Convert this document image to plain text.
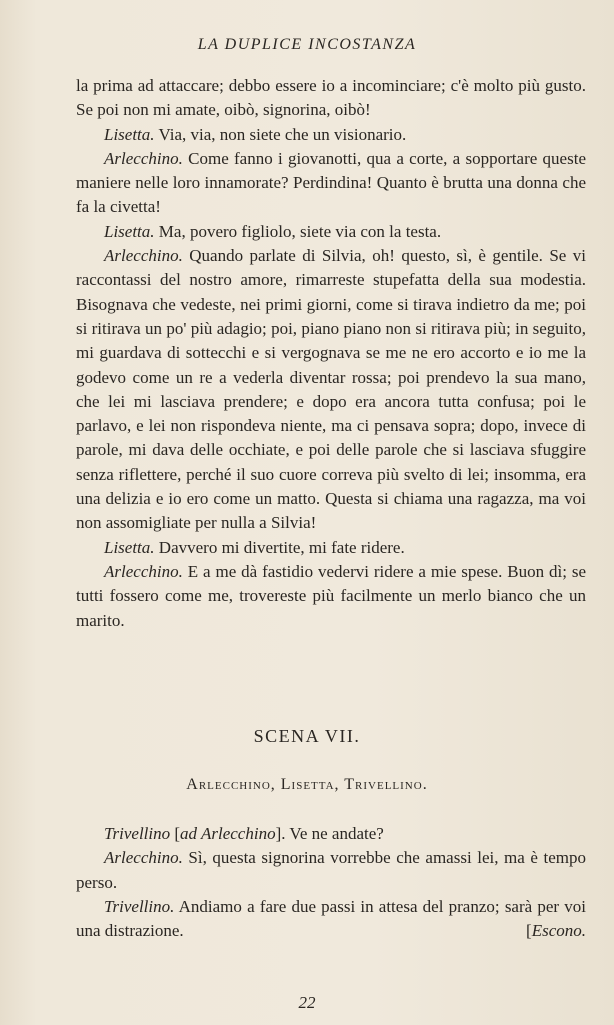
LA DUPLICE INCOSTANZA

la prima ad attaccare; debbo essere io a incominciare; c'è molto più gusto. Se poi non mi amate, oibò, signorina, oibò!

Lisetta. Via, via, non siete che un visionario.

Arlecchino. Come fanno i giovanotti, qua a corte, a sopportare queste maniere nelle loro innamorate? Perdindina! Quanto è brutta una donna che fa la civetta!

Lisetta. Ma, povero figliolo, siete via con la testa.

Arlecchino. Quando parlate di Silvia, oh! questo, sì, è gentile. Se vi raccontassi del nostro amore, rimarreste stupefatta della sua modestia. Bisognava che vedeste, nei primi giorni, come si tirava indietro da me; poi si ritirava un po' più adagio; poi, piano piano non si ritirava più; in seguito, mi guardava di sottecchi e si vergognava se me ne ero accorto e io me la godevo come un re a vederla diventar rossa; poi prendevo la sua mano, che lei mi lasciava prendere; e dopo era ancora tutta confusa; poi le parlavo, e lei non rispondeva niente, ma ci pensava sopra; dopo, invece di parole, mi dava delle occhiate, e poi delle parole che si lasciava sfuggire senza riflettere, perché il suo cuore correva più svelto di lei; insomma, era una delizia e io ero come un matto. Questa si chiama una ragazza, ma voi non assomigliate per nulla a Silvia!

Lisetta. Davvero mi divertite, mi fate ridere.

Arlecchino. E a me dà fastidio vedervi ridere a mie spese. Buon dì; se tutti fossero come me, trovereste più facilmente un merlo bianco che un marito.

SCENA VII.
Arlecchino, Lisetta, Trivellino.

Trivellino [ad Arlecchino]. Ve ne andate?

Arlecchino. Sì, questa signorina vorrebbe che amassi lei, ma è tempo perso.

Trivellino. Andiamo a fare due passi in attesa del pranzo; sarà per voi una distrazione.	[Escono.

22
